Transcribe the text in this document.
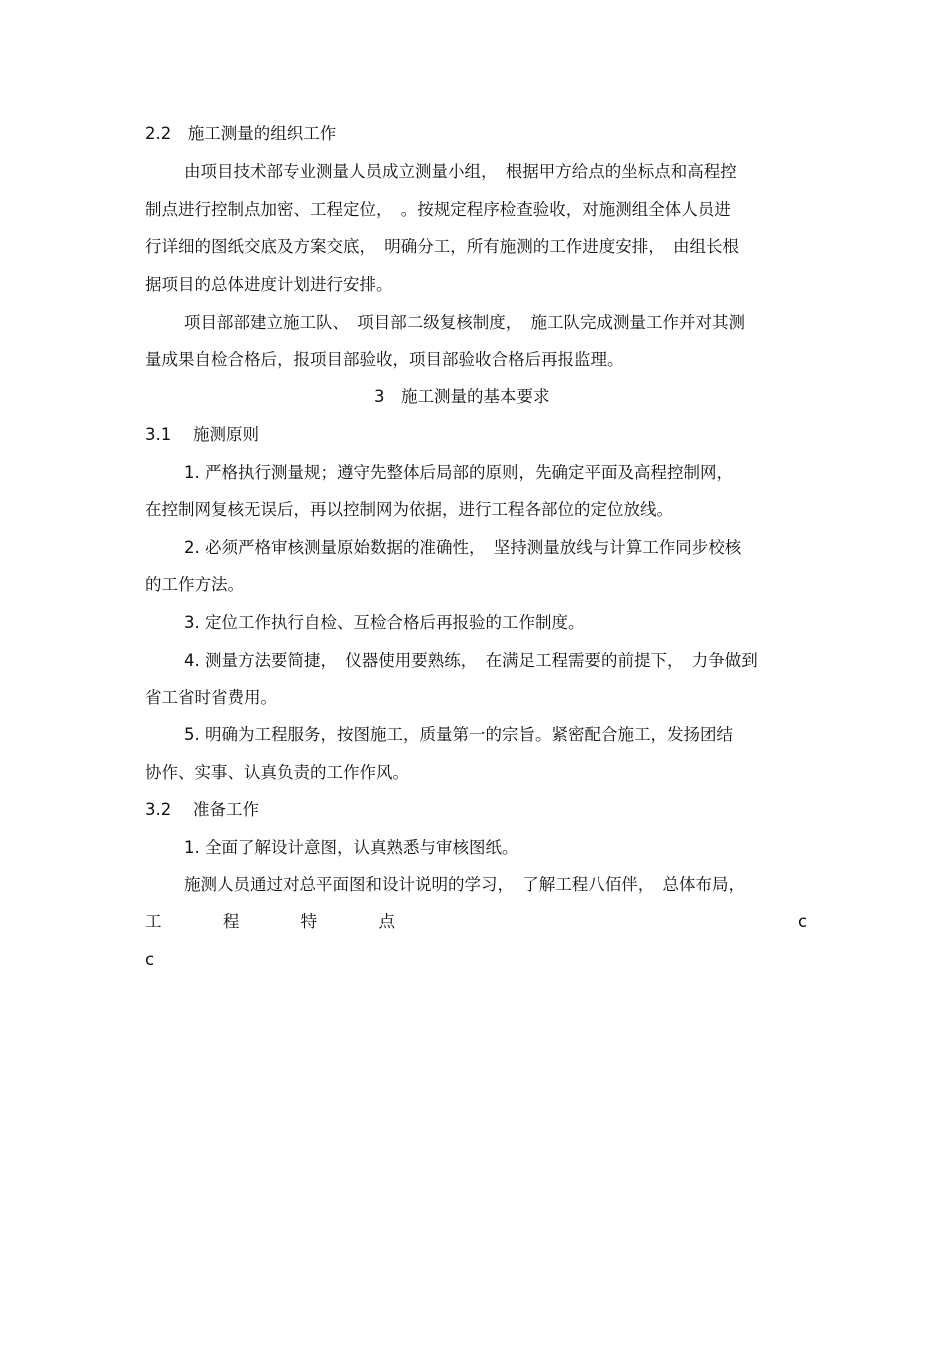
2.2　施工测量的组织工作

由项目技术部专业测量人员成立测量小组，　根据甲方给点的坐标点和高程控

制点进行控制点加密、工程定位，　。按规定程序检查验收，对施测组全体人员进

行详细的图纸交底及方案交底，　明确分工，所有施测的工作进度安排，　由组长根

据项目的总体进度计划进行安排。

项目部部建立施工队、　项目部二级复核制度，　施工队完成测量工作并对其测

量成果自检合格后，报项目部验收，项目部验收合格后再报监理。

3　施工测量的基本要求

3.1　 施测原则

1. 严格执行测量规；遵守先整体后局部的原则，先确定平面及高程控制网，

在控制网复核无误后，再以控制网为依据，进行工程各部位的定位放线。

2. 必须严格审核测量原始数据的准确性，　坚持测量放线与计算工作同步校核

的工作方法。

3. 定位工作执行自检、互检合格后再报验的工作制度。

4. 测量方法要简捷，　仪器使用要熟练，　在满足工程需要的前提下，　力争做到

省工省时省费用。

5. 明确为工程服务，按图施工，质量第一的宗旨。紧密配合施工，发扬团结

协作、实事、认真负责的工作作风。

3.2　 准备工作

1. 全面了解设计意图，认真熟悉与审核图纸。

施测人员通过对总平面图和设计说明的学习，　了解工程八佰伴，　总体布局，

工	程	特	点	c

c
